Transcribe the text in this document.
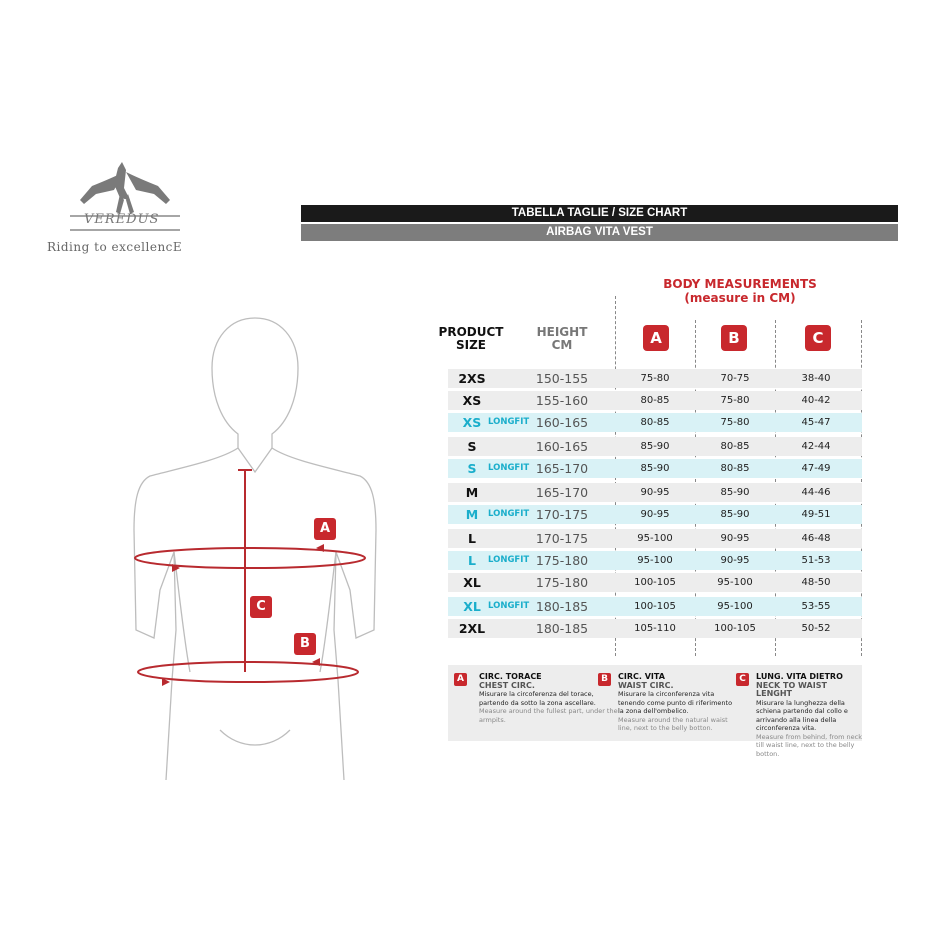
VEREDUS
Riding to excellencE
TABELLA TAGLIE / SIZE CHART
AIRBAG VITA VEST
BODY MEASUREMENTS
(measure in CM)
PRODUCT SIZE
HEIGHT CM	A	B	C
2XS	150-155	75-80	70-75	38-40
XS	155-160	80-85	75-80	40-42
XS LONGFIT 160-165	80-85	75-80	45-47
S	160-165	85-90	80-85	42-44
S	LONGFIT 165-170	85-90	80-85	47-49
M	165-170	90-95	85-90	44-46
M	LONGFIT 170-175	90-95	85-90	49-51
L	170-175	95-100	90-95	46-48
L	LONGFIT 175-180	95-100	90-95	51-53
XL	175-180	100-105	95-100	48-50
XL LONGFIT 180-185	100-105	95-100	53-55
2XL	180-185	105-110	100-105	50-52
A	CIRC. TORACE
CHEST CIRC.
Misurare la circoferenza del torace, partendo da sotto la zona ascellare.
Measure around the fullest part, under the armpits.
B	CIRC. VITA
WAIST CIRC.
Misurare la circonferenza vita tenendo come punto di riferimento la zona dell'ombelico.
Measure around the natural waist line, next to the belly botton.
C	LUNG. VITA DIETRO
NECK TO WAIST LENGHT
Misurare la lunghezza della schiena partendo dal collo e arrivando alla linea della circonferenza vita.
Measure from behind, from neck till waist line, next to the belly botton.
A
B
C
